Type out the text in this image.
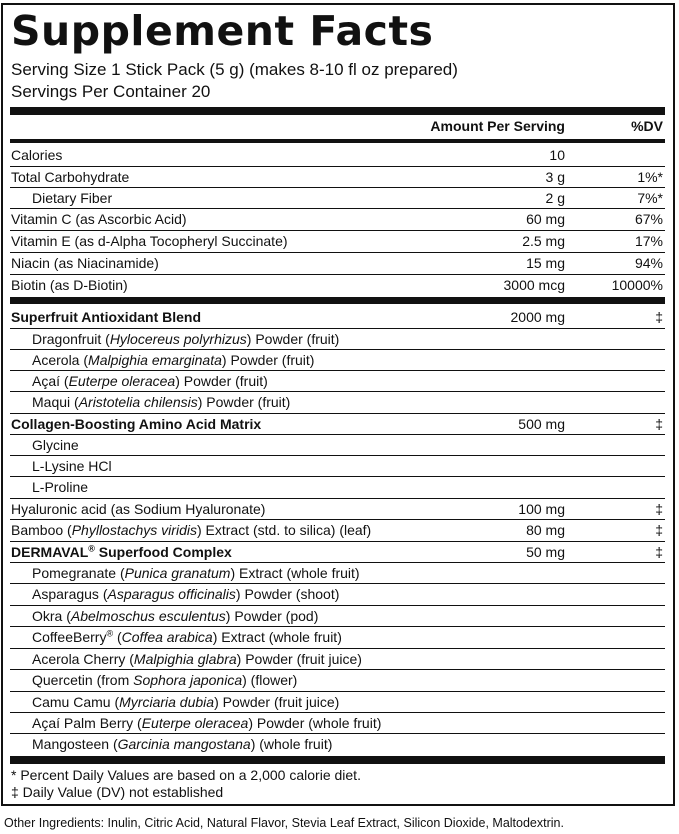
Supplement Facts
Serving Size 1 Stick Pack (5 g) (makes 8-10 fl oz prepared)
Servings Per Container 20
Amount Per Serving	%DV
Calories	10
Total Carbohydrate	3 g	1%*
Dietary Fiber	2 g	7%*
Vitamin C (as Ascorbic Acid)	60 mg	67%
Vitamin E (as d-Alpha Tocopheryl Succinate)	2.5 mg	17%
Niacin (as Niacinamide)	15 mg	94%
Biotin (as D-Biotin)	3000 mcg	10000%
Superfruit Antioxidant Blend	2000 mg	‡
Dragonfruit (Hylocereus polyrhizus) Powder (fruit)
Acerola (Malpighia emarginata) Powder (fruit)
Açaí (Euterpe oleracea) Powder (fruit)
Maqui (Aristotelia chilensis) Powder (fruit)
Collagen-Boosting Amino Acid Matrix	500 mg	‡
Glycine
L-Lysine HCl
L-Proline
Hyaluronic acid (as Sodium Hyaluronate)	100 mg	‡
Bamboo (Phyllostachys viridis) Extract (std. to silica) (leaf)	80 mg	‡
DERMAVAL® Superfood Complex	50 mg	‡
Pomegranate (Punica granatum) Extract (whole fruit)
Asparagus (Asparagus officinalis) Powder (shoot)
Okra (Abelmoschus esculentus) Powder (pod)
CoffeeBerry® (Coffea arabica) Extract (whole fruit)
Acerola Cherry (Malpighia glabra) Powder (fruit juice)
Quercetin (from Sophora japonica) (flower)
Camu Camu (Myrciaria dubia) Powder (fruit juice)
Açaí Palm Berry (Euterpe oleracea) Powder (whole fruit)
Mangosteen (Garcinia mangostana) (whole fruit)
* Percent Daily Values are based on a 2,000 calorie diet.
‡ Daily Value (DV) not established
Other Ingredients: Inulin, Citric Acid, Natural Flavor, Stevia Leaf Extract, Silicon Dioxide, Maltodextrin.
